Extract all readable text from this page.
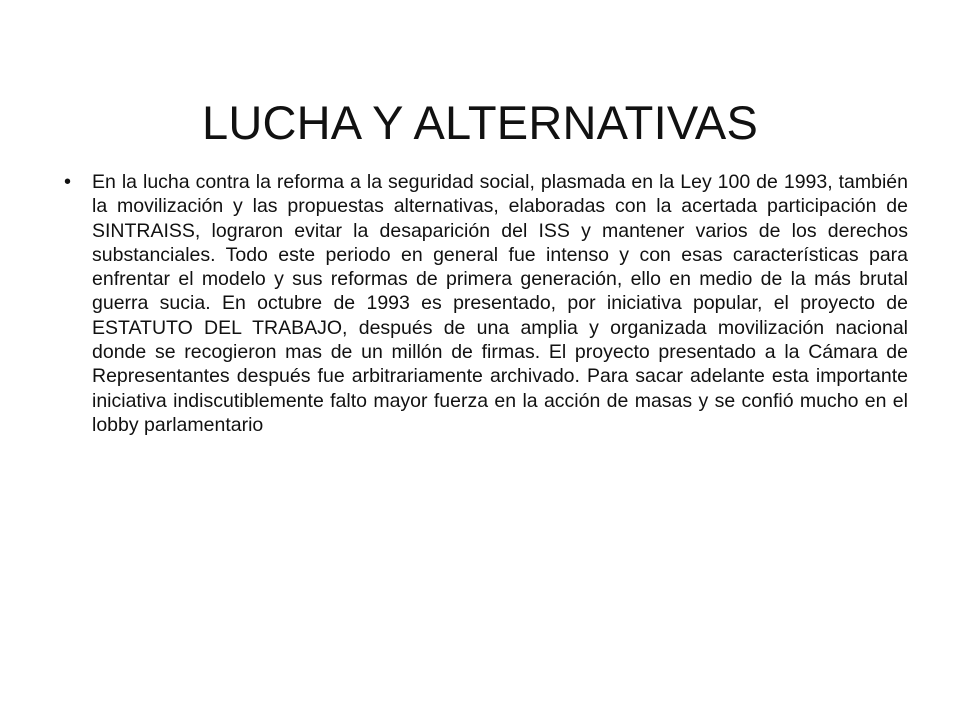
LUCHA Y ALTERNATIVAS
• En la lucha contra la reforma a la seguridad social, plasmada en la Ley 100 de 1993, también la movilización y las propuestas alternativas, elaboradas con la acertada participación de SINTRAISS, lograron evitar la desaparición del ISS y mantener varios de los derechos substanciales. Todo este periodo en general fue intenso y con esas características para enfrentar el modelo y sus reformas de primera generación, ello en medio de la más brutal guerra sucia. En octubre de 1993 es presentado, por iniciativa popular, el proyecto de ESTATUTO DEL TRABAJO, después de una amplia y organizada movilización nacional donde se recogieron mas de un millón de firmas. El proyecto presentado a la Cámara de Representantes después fue arbitrariamente archivado. Para sacar adelante esta importante iniciativa indiscutiblemente falto mayor fuerza en la acción de masas y se confió mucho en el lobby parlamentario
